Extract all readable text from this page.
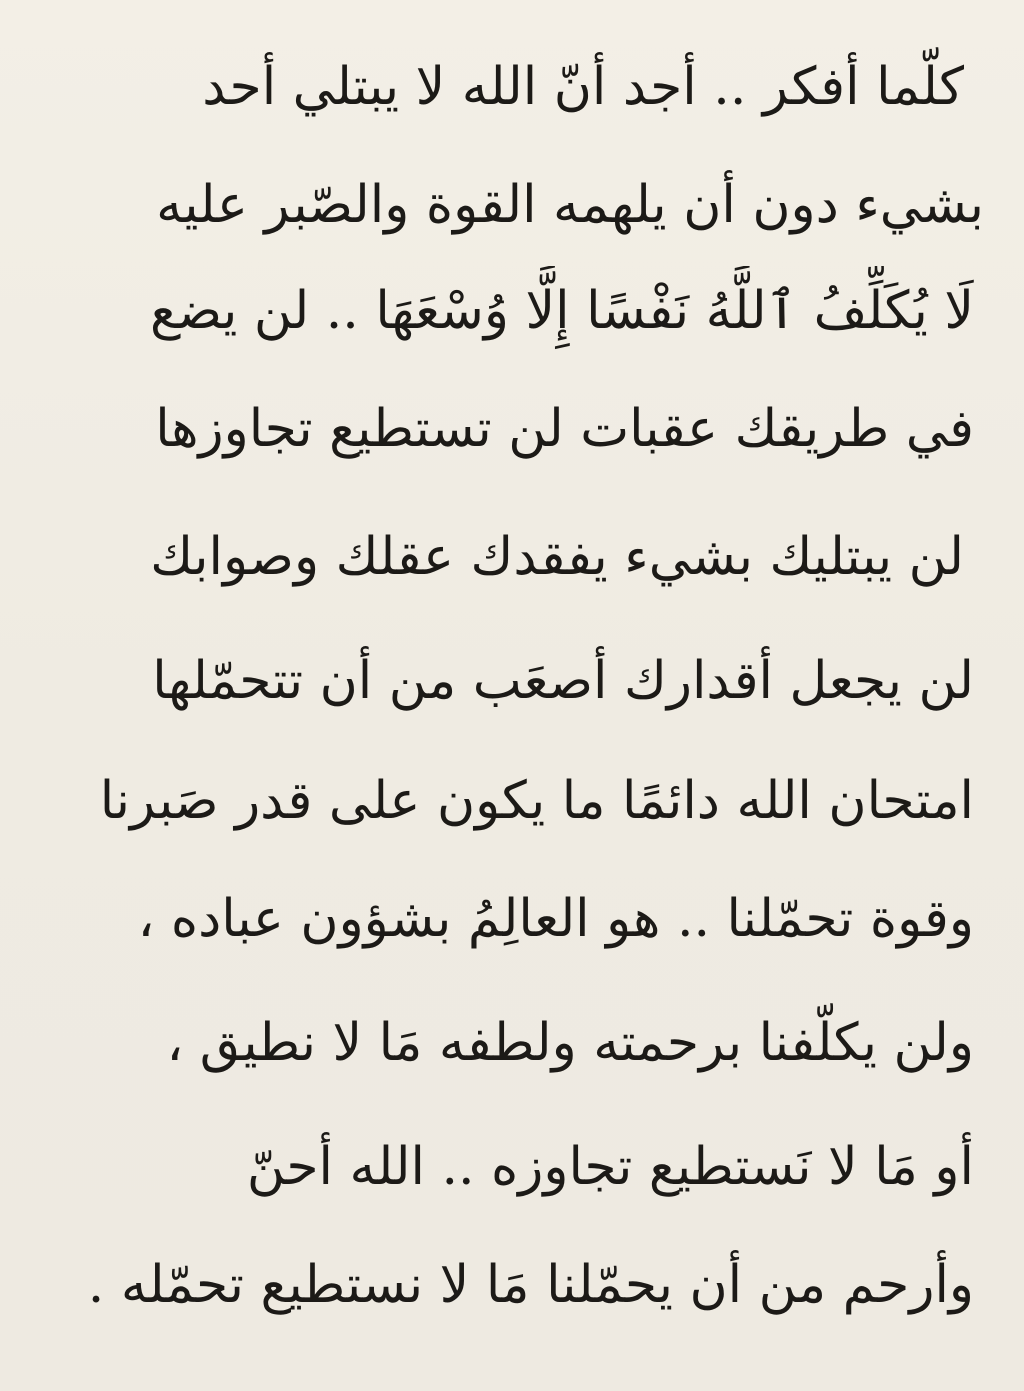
كلّما أفكر .. أجد أنّ الله لا يبتلي أحد
بشيء دون أن يلهمه القوة والصّبر عليه
لَا يُكَلِّفُ ٱللَّهُ نَفْسًا إِلَّا وُسْعَهَا .. لن يضع
في طريقك عقبات لن تستطيع تجاوزها
لن يبتليك بشيء يفقدك عقلك وصوابك
لن يجعل أقدارك أصعَب من أن تتحمّلها
امتحان الله دائمًا ما يكون على قدر صَبرنا
وقوة تحمّلنا .. هو العالِمُ بشؤون عباده ،
ولن يكلّفنا برحمته ولطفه مَا لا نطيق ،
أو مَا لا نَستطيع تجاوزه .. الله أحنّ
وأرحم من أن يحمّلنا مَا لا نستطيع تحمّله .
